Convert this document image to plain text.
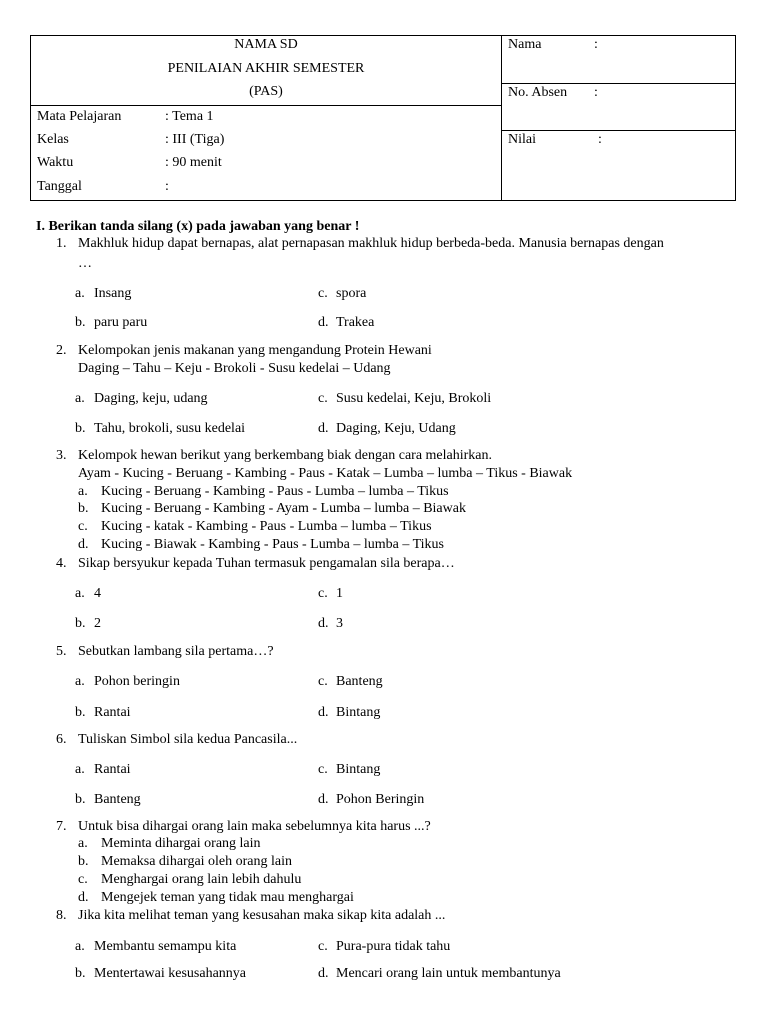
NAMA SD
PENILAIAN AKHIR SEMESTER
(PAS)
Mata Pelajaran	: Tema 1
Kelas	: III (Tiga)
Waktu	: 90 menit
Tanggal	:
Nama	:
No. Absen :
Nilai	:
I. Berikan tanda silang (x) pada jawaban yang benar !
1. Makhluk hidup dapat bernapas, alat pernapasan makhluk hidup berbeda-beda. Manusia bernapas dengan
…
a. Insang
b. paru paru
c. spora
d. Trakea
2. Kelompokan jenis makanan yang mengandung Protein Hewani
Daging – Tahu – Keju - Brokoli - Susu kedelai – Udang
a. Daging, keju, udang
b. Tahu, brokoli, susu kedelai
c. Susu kedelai, Keju, Brokoli
d. Daging, Keju, Udang
3. Kelompok hewan berikut yang berkembang biak dengan cara melahirkan.
Ayam - Kucing - Beruang - Kambing - Paus - Katak – Lumba – lumba – Tikus - Biawak
a. Kucing - Beruang - Kambing - Paus - Lumba – lumba – Tikus
b. Kucing - Beruang - Kambing - Ayam - Lumba – lumba – Biawak
c. Kucing - katak - Kambing - Paus - Lumba – lumba – Tikus
d. Kucing - Biawak - Kambing - Paus - Lumba – lumba – Tikus
4. Sikap bersyukur kepada Tuhan termasuk pengamalan sila berapa…
a. 4
b. 2
c. 1
d. 3
5. Sebutkan lambang sila pertama…?
a. Pohon beringin
b. Rantai
c. Banteng
d. Bintang
6. Tuliskan Simbol sila kedua Pancasila...
a. Rantai
b. Banteng
c. Bintang
d. Pohon Beringin
7. Untuk bisa dihargai orang lain maka sebelumnya kita harus ...?
a. Meminta dihargai orang lain
b. Memaksa dihargai oleh orang lain
c. Menghargai orang lain lebih dahulu
d. Mengejek teman yang tidak mau menghargai
8. Jika kita melihat teman yang kesusahan maka sikap kita adalah ...
a. Membantu semampu kita
b. Mentertawai kesusahannya
c. Pura-pura tidak tahu
d. Mencari orang lain untuk membantunya
